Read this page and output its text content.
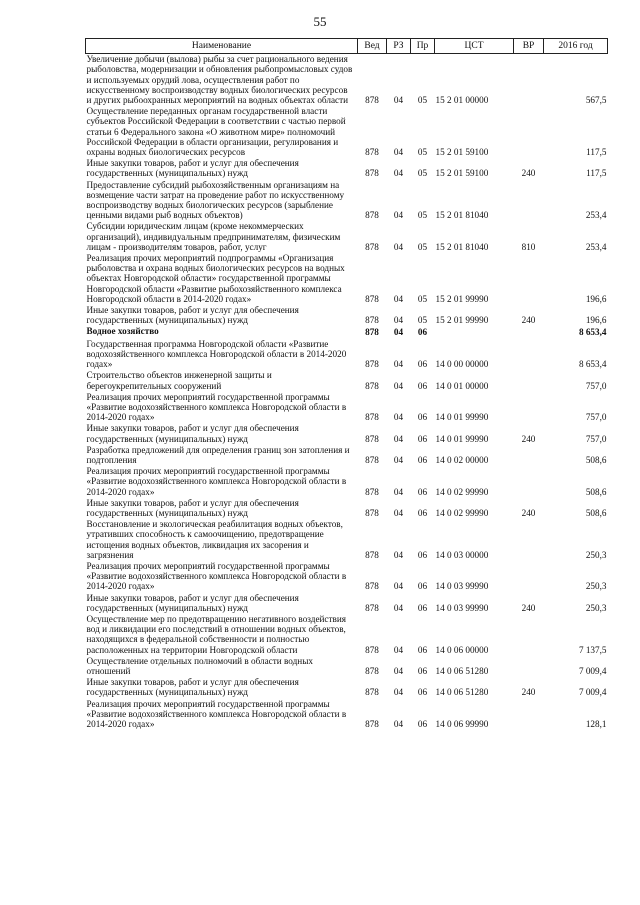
55
Наименование	Вед	РЗ	Пр	ЦСТ	ВР	2016 год
Увеличение добычи (вылова) рыбы за счет рационального ведения рыболовства, модернизации и обновления рыбопромысловых судов и используемых орудий лова, осуществления работ по искусственному воспроизводству водных биологических ресурсов и других рыбоохранных мероприятий на водных объектах области	878	04	05	15 2 01 00000		567,5
Осуществление переданных органам государственной власти субъектов Российской Федерации в соответствии с частью первой статьи 6 Федерального закона «О животном мире» полномочий Российской Федерации в области организации, регулирования и охраны водных биологических ресурсов	878	04	05	15 2 01 59100		117,5
Иные закупки товаров, работ и услуг для обеспечения государственных (муниципальных) нужд	878	04	05	15 2 01 59100	240	117,5
Предоставление субсидий рыбохозяйственным организациям на возмещение части затрат на проведение работ по искусственному воспроизводству водных биологических ресурсов (зарыбление ценными видами рыб водных объектов)	878	04	05	15 2 01 81040		253,4
Субсидии юридическим лицам (кроме некоммерческих организаций), индивидуальным предпринимателям, физическим лицам - производителям товаров, работ, услуг	878	04	05	15 2 01 81040	810	253,4
Реализация прочих мероприятий подпрограммы «Организация рыболовства и охрана водных биологических ресурсов на водных объектах Новгородской области» государственной программы Новгородской области «Развитие рыбохозяйственного комплекса Новгородской области в 2014-2020 годах»	878	04	05	15 2 01 99990		196,6
Иные закупки товаров, работ и услуг для обеспечения государственных (муниципальных) нужд	878	04	05	15 2 01 99990	240	196,6
Водное хозяйство	878	04	06			8 653,4
Государственная программа Новгородской области «Развитие водохозяйственного комплекса Новгородской области в 2014-2020 годах»	878	04	06	14 0 00 00000		8 653,4
Строительство объектов инженерной защиты и берегоукрепительных сооружений	878	04	06	14 0 01 00000		757,0
Реализация прочих мероприятий государственной программы «Развитие водохозяйственного комплекса Новгородской области в 2014-2020 годах»	878	04	06	14 0 01 99990		757,0
Иные закупки товаров, работ и услуг для обеспечения государственных (муниципальных) нужд	878	04	06	14 0 01 99990	240	757,0
Разработка предложений для определения границ зон затопления и подтопления	878	04	06	14 0 02 00000		508,6
Реализация прочих мероприятий государственной программы «Развитие водохозяйственного комплекса Новгородской области в 2014-2020 годах»	878	04	06	14 0 02 99990		508,6
Иные закупки товаров, работ и услуг для обеспечения государственных (муниципальных) нужд	878	04	06	14 0 02 99990	240	508,6
Восстановление и экологическая реабилитация водных объектов, утративших способность к самоочищению, предотвращение истощения водных объектов, ликвидация их засорения и загрязнения	878	04	06	14 0 03 00000		250,3
Реализация прочих мероприятий государственной программы «Развитие водохозяйственного комплекса Новгородской области в 2014-2020 годах»	878	04	06	14 0 03 99990		250,3
Иные закупки товаров, работ и услуг для обеспечения государственных (муниципальных) нужд	878	04	06	14 0 03 99990	240	250,3
Осуществление мер по предотвращению негативного воздействия вод и ликвидации его последствий в отношении водных объектов, находящихся в федеральной собственности и полностью расположенных на территории Новгородской области	878	04	06	14 0 06 00000		7 137,5
Осуществление отдельных полномочий в области водных отношений	878	04	06	14 0 06 51280		7 009,4
Иные закупки товаров, работ и услуг для обеспечения государственных (муниципальных) нужд	878	04	06	14 0 06 51280	240	7 009,4
Реализация прочих мероприятий государственной программы «Развитие водохозяйственного комплекса Новгородской области в 2014-2020 годах»	878	04	06	14 0 06 99990		128,1
